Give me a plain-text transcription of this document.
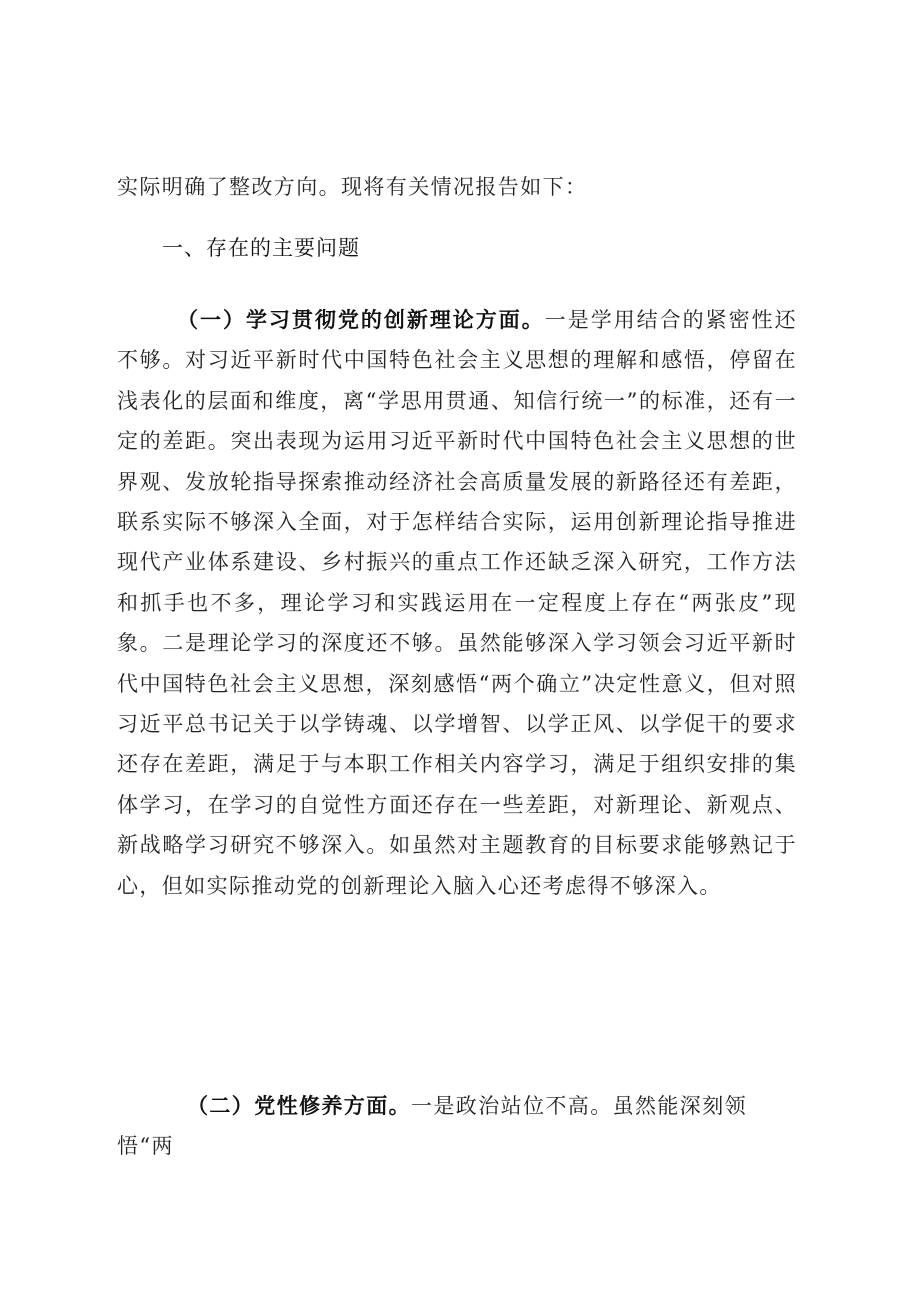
实际明确了整改方向。现将有关情况报告如下：

一、存在的主要问题

（一）学习贯彻党的创新理论方面。一是学用结合的紧密性还不够。对习近平新时代中国特色社会主义思想的理解和感悟，停留在浅表化的层面和维度，离“学思用贯通、知信行统一”的标准，还有一定的差距。突出表现为运用习近平新时代中国特色社会主义思想的世界观、发放轮指导探索推动经济社会高质量发展的新路径还有差距，联系实际不够深入全面，对于怎样结合实际，运用创新理论指导推进现代产业体系建设、乡村振兴的重点工作还缺乏深入研究，工作方法和抓手也不多，理论学习和实践运用在一定程度上存在“两张皮”现象。二是理论学习的深度还不够。虽然能够深入学习领会习近平新时代中国特色社会主义思想，深刻感悟“两个确立”决定性意义，但对照习近平总书记关于以学铸魂、以学增智、以学正风、以学促干的要求还存在差距，满足于与本职工作相关内容学习，满足于组织安排的集体学习，在学习的自觉性方面还存在一些差距，对新理论、新观点、新战略学习研究不够深入。如虽然对主题教育的目标要求能够熟记于心，但如实际推动党的创新理论入脑入心还考虑得不够深入。

（二）党性修养方面。一是政治站位不高。虽然能深刻领悟“两
